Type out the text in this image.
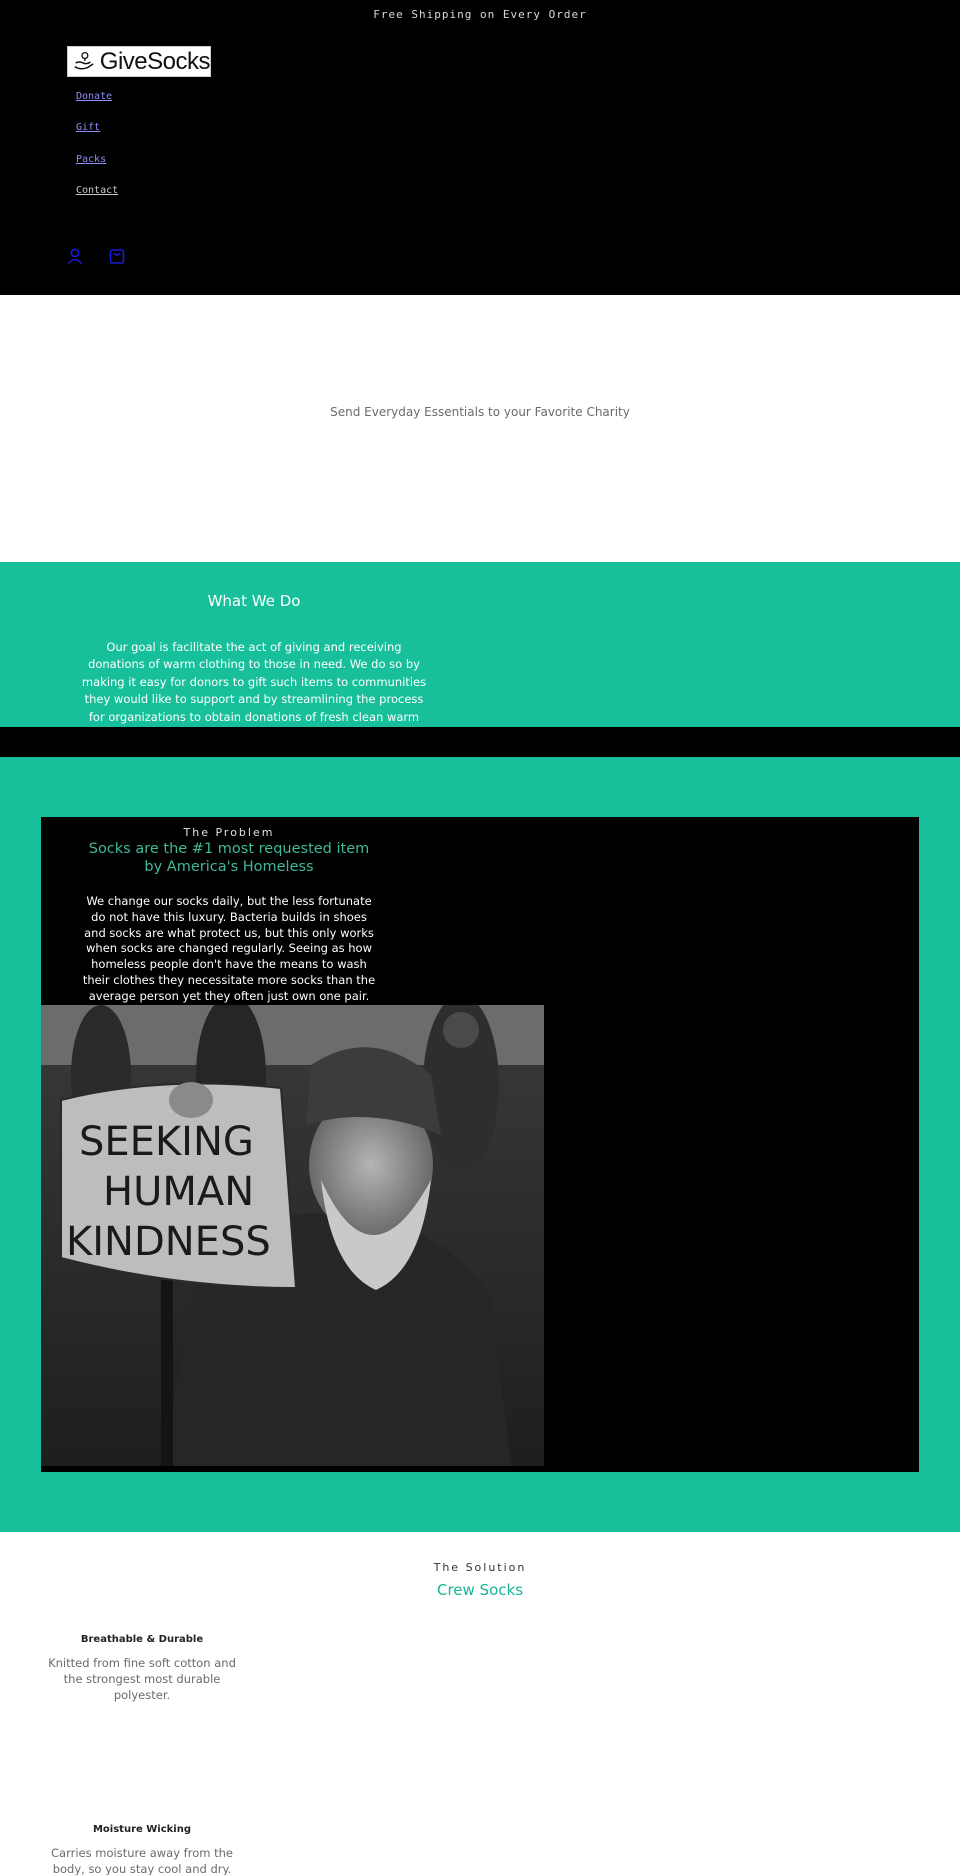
Free Shipping on Every Order
GiveSocks
Donate
Gift
Packs
Contact
Send Everyday Essentials to your Favorite Charity
What We Do
Our goal is facilitate the act of giving and receiving donations of warm clothing to those in need. We do so by making it easy for donors to gift such items to communities they would like to support and by streamlining the process for organizations to obtain donations of fresh clean warm
The Problem
Socks are the #1 most requested item by America's Homeless
We change our socks daily, but the less fortunate do not have this luxury. Bacteria builds in shoes and socks are what protect us, but this only works when socks are changed regularly. Seeing as how homeless people don't have the means to wash their clothes they necessitate more socks than the average person yet they often just own one pair.
SEEKING
HUMAN
KINDNESS
The Solution
Crew Socks
Breathable & Durable
Knitted from fine soft cotton and the strongest most durable polyester.
Moisture Wicking
Carries moisture away from the body, so you stay cool and dry.
